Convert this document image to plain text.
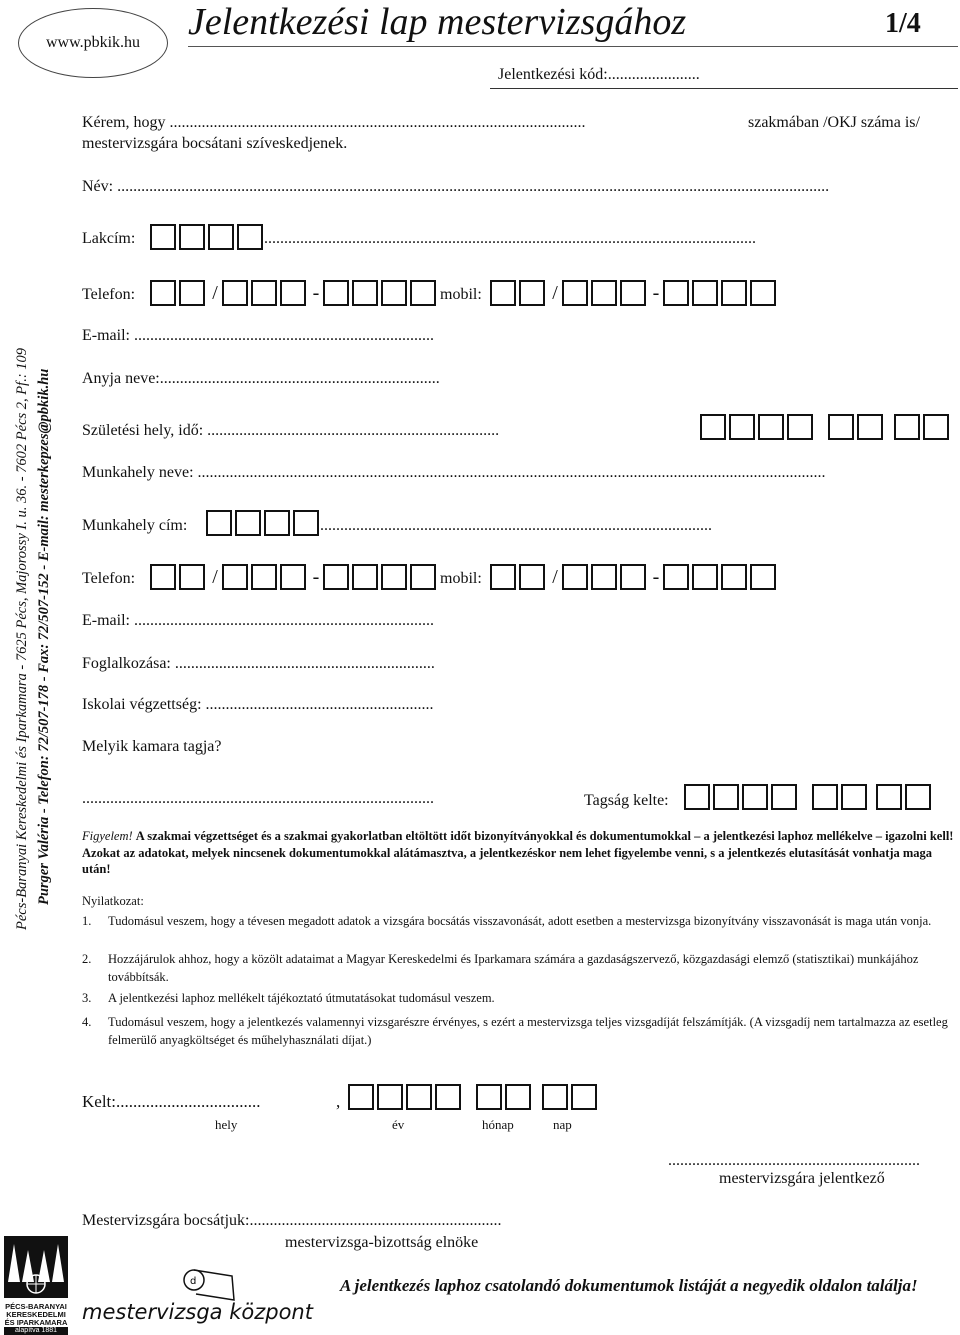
www.pbkik.hu Jelentkezési lap mestervizsgához	1/4
Jelentkezési kód:.......................
Pécs-Baranyai Kereskedelmi és Iparkamara - 7625 Pécs, Majorossy I. u. 36. - 7602 Pécs 2, Pf.: 109 Purger Valéria - Telefon: 72/507-178 - Fax: 72/507-152 - E-mail: mesterkepzes@pbkik.hu
Kérem, hogy ........................................................................................................	szakmában /OKJ száma is/
mestervizsgára bocsátani szíveskedjenek.
Név: ..................................................................................................................................................................................
Lakcím:	...........................................................................................................................
Telefon:	/	-	mobil:	/	-
E-mail: ...........................................................................
Anyja neve:......................................................................
Születési hely, idő: .........................................................................
Munkahely neve: .............................................................................................................................................................
Munkahely cím:	..................................................................................................
Telefon:	/	-	mobil:	/	-
E-mail: ...........................................................................
Foglalkozása: .................................................................
Iskolai végzettség: .........................................................
Melyik kamara tagja?
........................................................................................	Tagság kelte:
Figyelem! A szakmai végzettséget és a szakmai gyakorlatban eltöltött időt bizonyítványokkal és dokumentumokkal – a jelentkezési laphoz mellékelve – igazolni kell! Azokat az adatokat, melyek nincsenek dokumentumokkal alátámasztva, a jelentkezéskor nem lehet figyelembe venni, s a jelentkezés elutasítását vonhatja maga után!
Nyilatkozat:
1. Tudomásul veszem, hogy a tévesen megadott adatok a vizsgára bocsátás visszavonását, adott esetben a mestervizsga bizonyítvány visszavonását is maga után vonja.
2. Hozzájárulok ahhoz, hogy a közölt adataimat a Magyar Kereskedelmi és Iparkamara számára a gazdaságszervező, közgazdasági elemző (statisztikai) munkájához továbbítsák.
3. A jelentkezési laphoz mellékelt tájékoztató útmutatásokat tudomásul veszem.
4. Tudomásul veszem, hogy a jelentkezés valamennyi vizsgarészre érvényes, s ezért a mestervizsga teljes vizsgadíját felszámítják. (A vizsgadíj nem tartalmazza az esetleg felmerülő anyagköltséget és műhelyhasználati díjat.)
Kelt:..................................	,
hely	év	hónap	nap
...............................................................
mestervizsgára jelentkező
Mestervizsgára bocsátjuk:...............................................................
mestervizsga-bizottság elnöke
A jelentkezés laphoz csatolandó dokumentumok listáját a negyedik oldalon találja!
PÉCS-BARANYAI
KERESKEDELMI
ÉS IPARKAMARA
alapítva 1881
d
mestervizsga központ
